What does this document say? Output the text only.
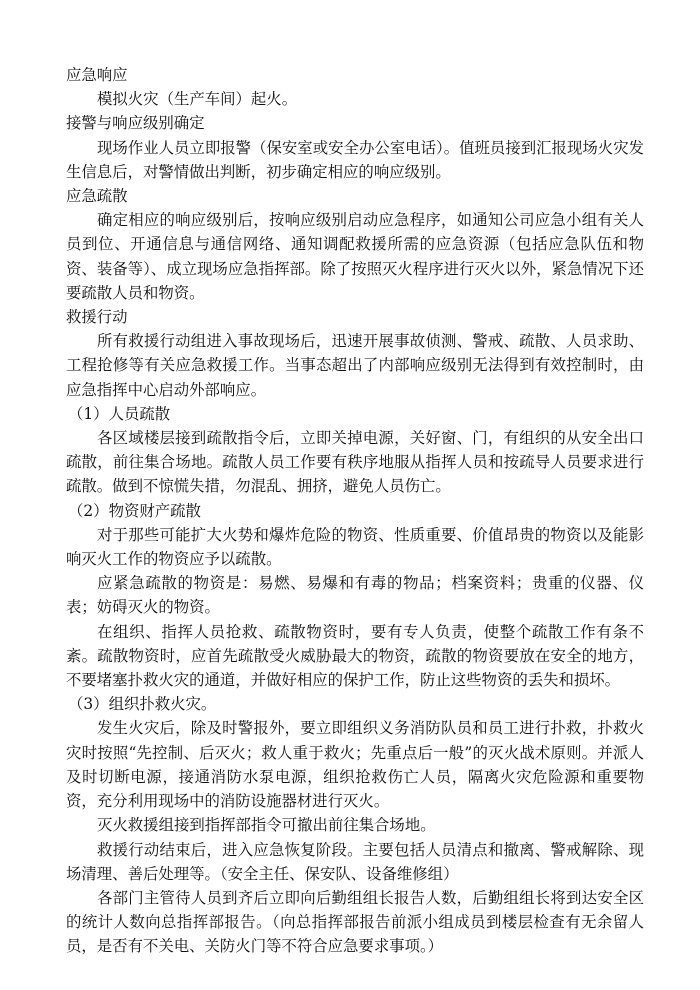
应急响应

模拟火灾（生产车间）起火。

接警与响应级别确定

现场作业人员立即报警（保安室或安全办公室电话）。值班员接到汇报现场火灾发生信息后，对警情做出判断，初步确定相应的响应级别。

应急疏散

确定相应的响应级别后，按响应级别启动应急程序，如通知公司应急小组有关人员到位、开通信息与通信网络、通知调配救援所需的应急资源（包括应急队伍和物资、装备等）、成立现场应急指挥部。除了按照灭火程序进行灭火以外，紧急情况下还要疏散人员和物资。

救援行动

所有救援行动组进入事故现场后，迅速开展事故侦测、警戒、疏散、人员求助、工程抢修等有关应急救援工作。当事态超出了内部响应级别无法得到有效控制时，由应急指挥中心启动外部响应。

（1）人员疏散

各区域楼层接到疏散指令后，立即关掉电源，关好窗、门，有组织的从安全出口疏散，前往集合场地。疏散人员工作要有秩序地服从指挥人员和按疏导人员要求进行疏散。做到不惊慌失措，勿混乱、拥挤，避免人员伤亡。

（2）物资财产疏散

对于那些可能扩大火势和爆炸危险的物资、性质重要、价值昂贵的物资以及能影响灭火工作的物资应予以疏散。

应紧急疏散的物资是：易燃、易爆和有毒的物品；档案资料；贵重的仪器、仪表；妨碍灭火的物资。

在组织、指挥人员抢救、疏散物资时，要有专人负责，使整个疏散工作有条不紊。疏散物资时，应首先疏散受火威胁最大的物资，疏散的物资要放在安全的地方，不要堵塞扑救火灾的通道，并做好相应的保护工作，防止这些物资的丢失和损坏。

（3）组织扑救火灾。

发生火灾后，除及时警报外，要立即组织义务消防队员和员工进行扑救，扑救火灾时按照“先控制、后灭火；救人重于救火；先重点后一般”的灭火战术原则。并派人及时切断电源，接通消防水泵电源，组织抢救伤亡人员，隔离火灾危险源和重要物资，充分利用现场中的消防设施器材进行灭火。

灭火救援组接到指挥部指令可撤出前往集合场地。

救援行动结束后，进入应急恢复阶段。主要包括人员清点和撤离、警戒解除、现场清理、善后处理等。（安全主任、保安队、设备维修组）

各部门主管待人员到齐后立即向后勤组组长报告人数，后勤组组长将到达安全区的统计人数向总指挥部报告。（向总指挥部报告前派小组成员到楼层检查有无余留人员，是否有不关电、关防火门等不符合应急要求事项。）
